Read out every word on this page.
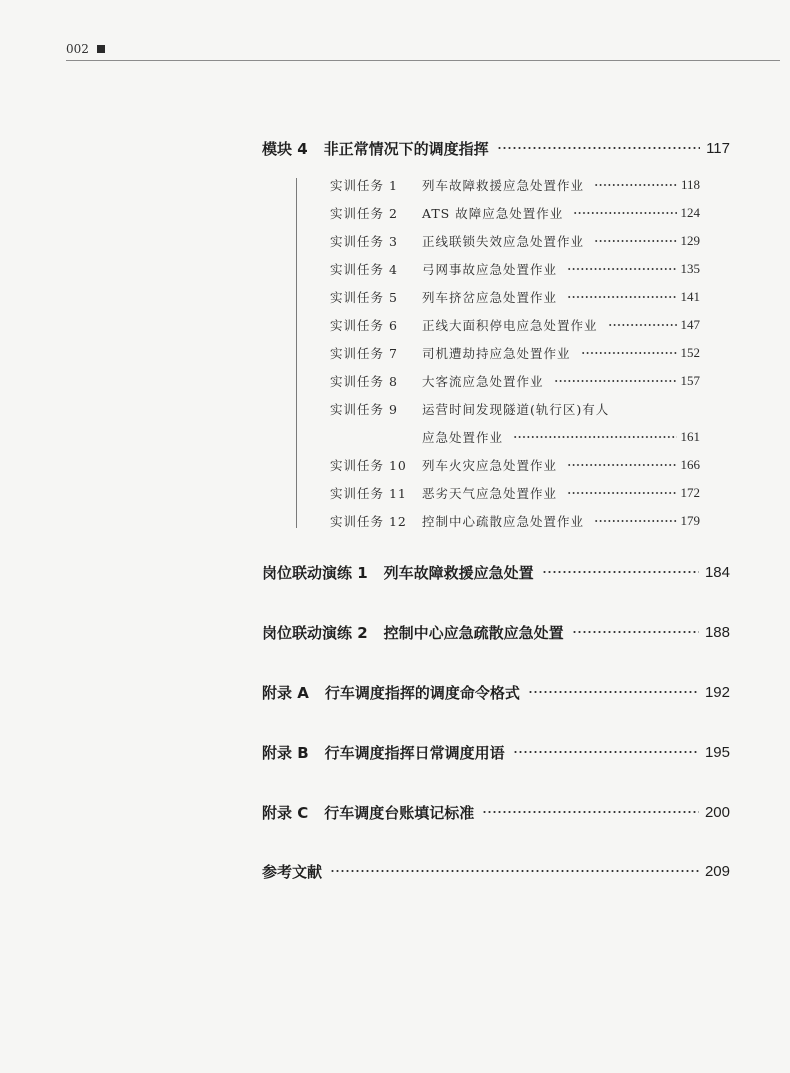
002
模块 4 非正常情况下的调度指挥	117
实训任务 1	列车故障救援应急处置作业	118
实训任务 2	ATS 故障应急处置作业	124
实训任务 3	正线联锁失效应急处置作业	129
实训任务 4	弓网事故应急处置作业	135
实训任务 5	列车挤岔应急处置作业	141
实训任务 6	正线大面积停电应急处置作业	147
实训任务 7	司机遭劫持应急处置作业	152
实训任务 8	大客流应急处置作业	157
实训任务 9	运营时间发现隧道(轨行区)有人
应急处置作业	161
实训任务 10	列车火灾应急处置作业	166
实训任务 11	恶劣天气应急处置作业	172
实训任务 12	控制中心疏散应急处置作业	179
岗位联动演练 1 列车故障救援应急处置	184
岗位联动演练 2 控制中心应急疏散应急处置	188
附录 A 行车调度指挥的调度命令格式	192
附录 B 行车调度指挥日常调度用语	195
附录 C 行车调度台账填记标准	200
参考文献	209
